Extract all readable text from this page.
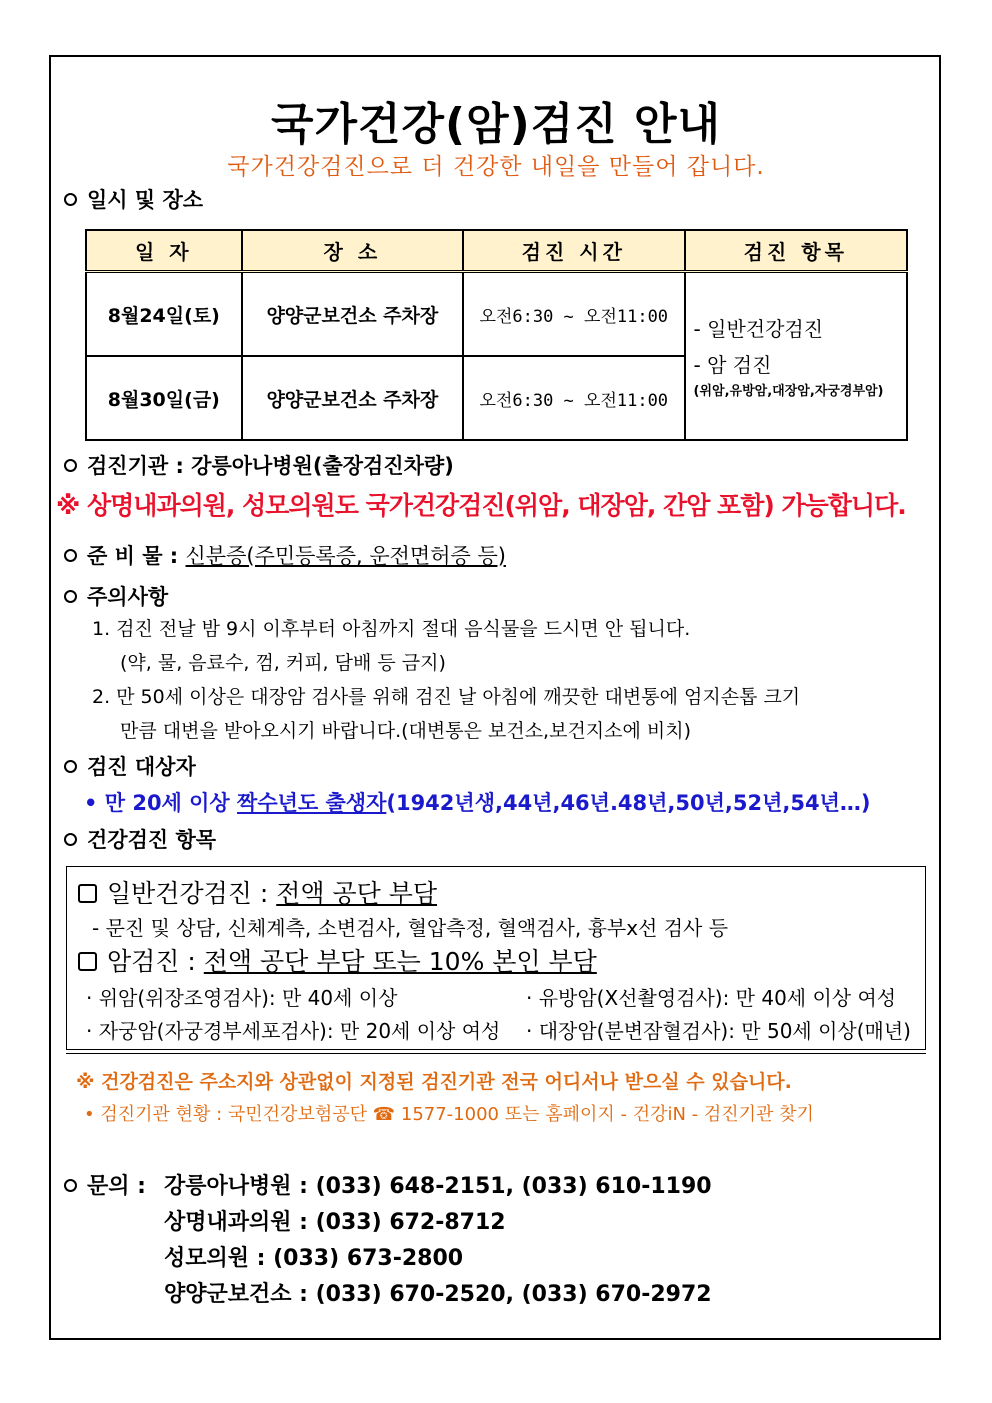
국가건강(암)검진 안내
국가건강검진으로 더 건강한 내일을 만들어 갑니다.
일시 및 장소
일 자	장 소	검진 시간	검진 항목
8월24일(토)	양양군보건소 주차장	오전6:30 ~ 오전11:00	- 일반건강검진
- 암 검진
(위암,유방암,대장암,자궁경부암)

8월30일(금)	양양군보건소 주차장	오전6:30 ~ 오전11:00	
검진기관 : 강릉아나병원(출장검진차량)
※ 상명내과의원, 성모의원도 국가건강검진(위암, 대장암, 간암 포함) 가능합니다.
준 비 물 : 신분증(주민등록증, 운전면허증 등)
주의사항
1. 검진 전날 밤 9시 이후부터 아침까지 절대 음식물을 드시면 안 됩니다.
(약, 물, 음료수, 껌, 커피, 담배 등 금지)
2. 만 50세 이상은 대장암 검사를 위해 검진 날 아침에 깨끗한 대변통에 엄지손톱 크기
만큼 대변을 받아오시기 바랍니다.(대변통은 보건소,보건지소에 비치)
검진 대상자
• 만 20세 이상 짝수년도 출생자(1942년생,44년,46년.48년,50년,52년,54년…)
건강검진 항목
일반건강검진 : 전액 공단 부담
- 문진 및 상담, 신체계측, 소변검사, 혈압측정, 혈액검사, 흉부x선 검사 등
암검진 : 전액 공단 부담 또는 10% 본인 부담
· 위암(위장조영검사): 만 40세 이상	· 유방암(X선촬영검사): 만 40세 이상 여성
· 자궁암(자궁경부세포검사): 만 20세 이상 여성 · 대장암(분변잠혈검사): 만 50세 이상(매년)
※ 건강검진은 주소지와 상관없이 지정된 검진기관 전국 어디서나 받으실 수 있습니다.
• 검진기관 현황 : 국민건강보험공단 ☎ 1577-1000 또는 홈페이지 - 건강iN - 검진기관 찾기
문의 : 강릉아나병원 : (033) 648-2151, (033) 610-1190
상명내과의원 : (033) 672-8712
성모의원 : (033) 673-2800
양양군보건소 : (033) 670-2520, (033) 670-2972
